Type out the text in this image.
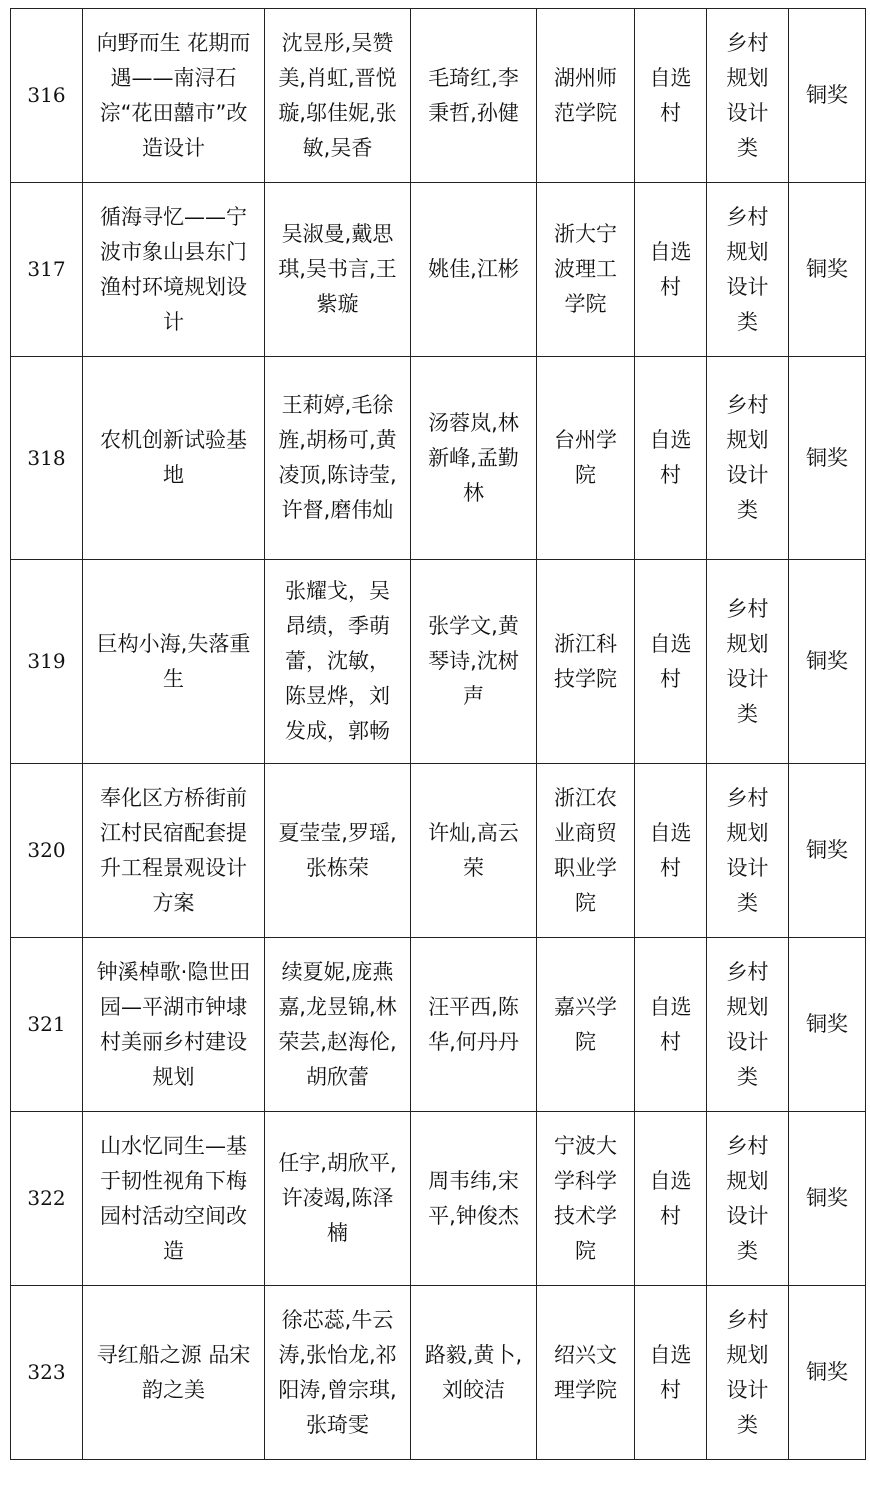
316	向野而生 花期而遇——南浔石淙“花田囍市”改造设计	沈昱彤,吴赞美,肖虹,晋悦璇,邬佳妮,张敏,吴香	毛琦红,李秉哲,孙健	湖州师范学院	自选村	乡村规划设计类	铜奖
317	循海寻忆——宁波市象山县东门渔村环境规划设计	吴淑曼,戴思琪,吴书言,王紫璇	姚佳,江彬	浙大宁波理工学院	自选村	乡村规划设计类	铜奖
318	农机创新试验基地	王莉婷,毛徐旌,胡杨可,黄凌顶,陈诗莹,许督,磨伟灿	汤蓉岚,林新峰,孟勤林	台州学院	自选村	乡村规划设计类	铜奖
319	巨构小海,失落重生	张耀戈，吴昂绩，季萌蕾，沈敏，陈昱烨，刘发成，郭畅	张学文,黄琴诗,沈树声	浙江科技学院	自选村	乡村规划设计类	铜奖
320	奉化区方桥街前江村民宿配套提升工程景观设计方案	夏莹莹,罗瑶,张栋荣	许灿,高云荣	浙江农业商贸职业学院	自选村	乡村规划设计类	铜奖
321	钟溪棹歌·隐世田园—平湖市钟埭村美丽乡村建设规划	续夏妮,庞燕嘉,龙昱锦,林荣芸,赵海伦,胡欣蕾	汪平西,陈华,何丹丹	嘉兴学院	自选村	乡村规划设计类	铜奖
322	山水忆同生—基于韧性视角下梅园村活动空间改造	任宇,胡欣平,许凌竭,陈泽楠	周韦纬,宋平,钟俊杰	宁波大学科学技术学院	自选村	乡村规划设计类	铜奖
323	寻红船之源 品宋韵之美	徐芯蕊,牛云涛,张怡龙,祁阳涛,曾宗琪,张琦雯	路毅,黄卜,刘皎洁	绍兴文理学院	自选村	乡村规划设计类	铜奖
